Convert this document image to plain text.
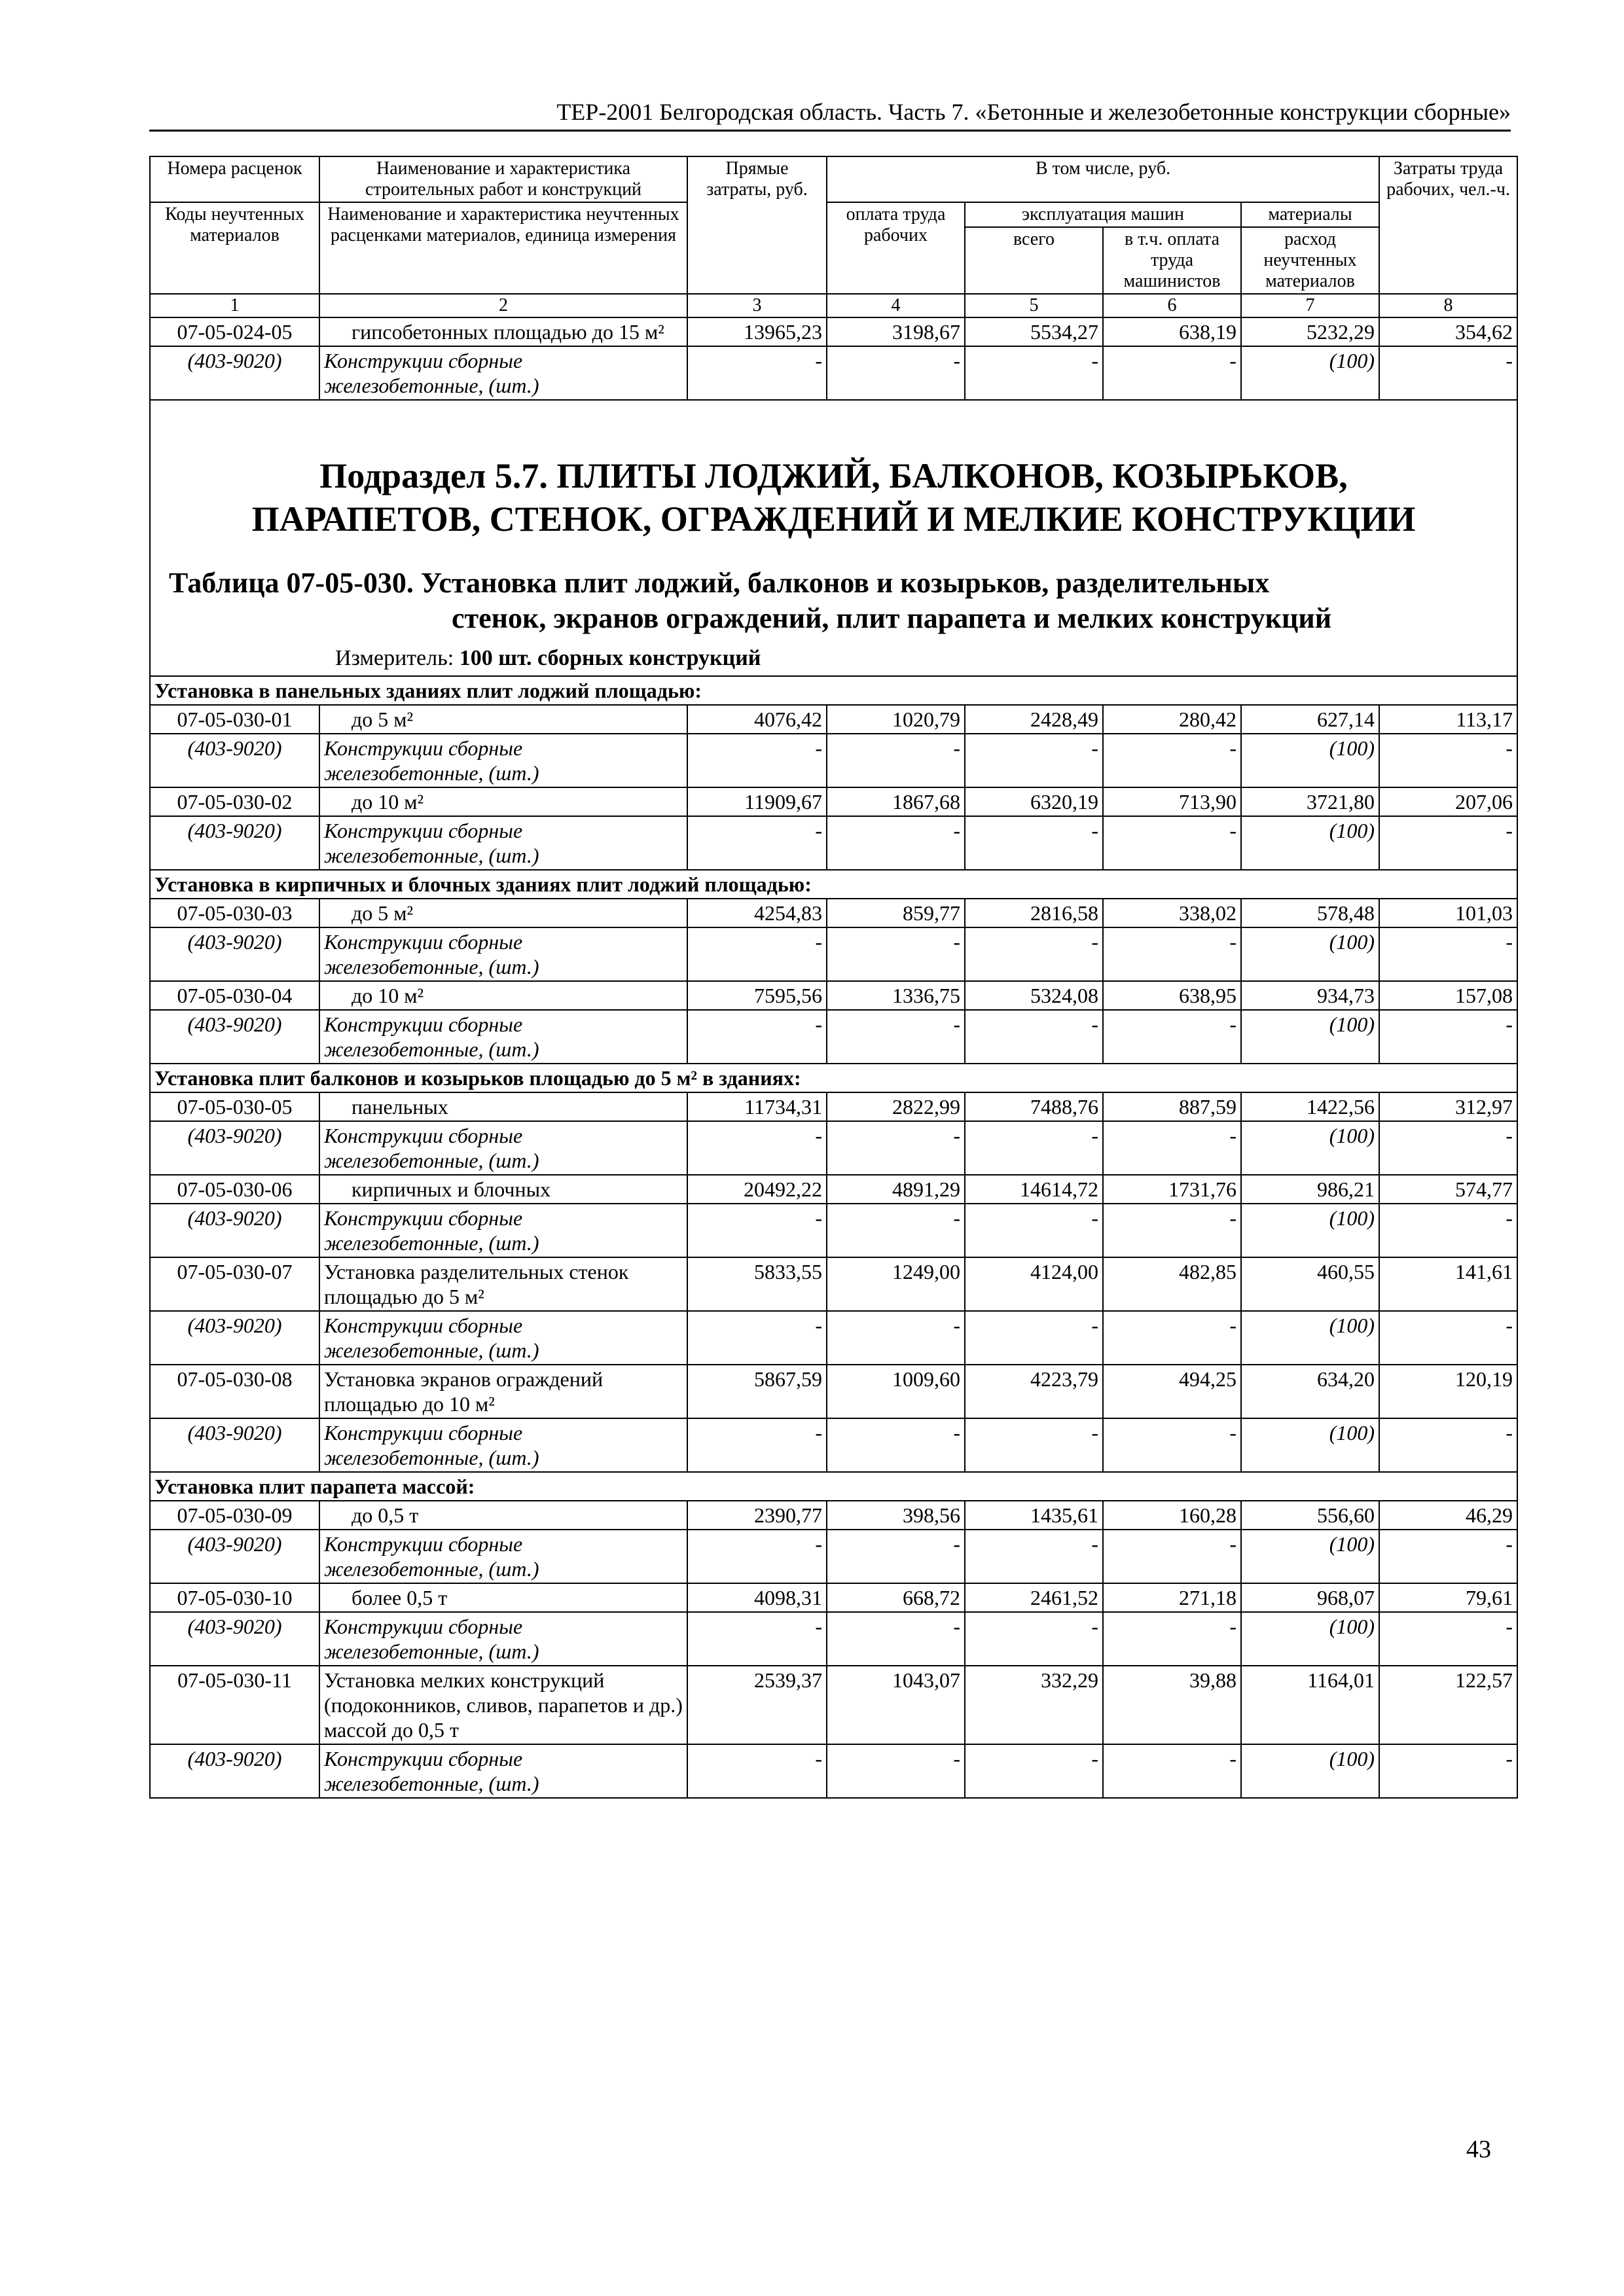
ТЕР-2001 Белгородская область. Часть 7. «Бетонные и железобетонные конструкции сборные»
Номера расценок	Наименование и характеристика строительных работ и конструкций	Прямые затраты, руб.	В том числе, руб.				Затраты труда рабочих, чел.-ч.
Коды неучтенных материалов	Наименование и характеристика неучтенных расценками материалов, единица измерения		оплата труда рабочих	эксплуатация машин		материалы	
				всего	в т.ч. оплата труда машинистов	расход неучтенных материалов	
1	2	3	4	5	6	7	8
07-05-024-05	гипсобетонных площадью до 15 м²	13965,23	3198,67	5534,27	638,19	5232,29	354,62
(403-9020)	Конструкции сборные железобетонные, (шт.)	-	-	-	-	(100)	-

Подраздел 5.7. ПЛИТЫ ЛОДЖИЙ, БАЛКОНОВ, КОЗЫРЬКОВ,
ПАРАПЕТОВ, СТЕНОК, ОГРАЖДЕНИЙ И МЕЛКИЕ КОНСТРУКЦИИ
Таблица 07-05-030. Установка плит лоджий, балконов и козырьков, разделительных
стенок, экранов ограждений, плит парапета и мелких конструкций
Измеритель: 100 шт. сборных конструкций							

Установка в панельных зданиях плит лоджий площадью:							
07-05-030-01	до 5 м²	4076,42	1020,79	2428,49	280,42	627,14	113,17
(403-9020)	Конструкции сборные железобетонные, (шт.)	-	-	-	-	(100)	-
07-05-030-02	до 10 м²	11909,67	1867,68	6320,19	713,90	3721,80	207,06
(403-9020)	Конструкции сборные железобетонные, (шт.)	-	-	-	-	(100)	-
Установка в кирпичных и блочных зданиях плит лоджий площадью:							
07-05-030-03	до 5 м²	4254,83	859,77	2816,58	338,02	578,48	101,03
(403-9020)	Конструкции сборные железобетонные, (шт.)	-	-	-	-	(100)	-
07-05-030-04	до 10 м²	7595,56	1336,75	5324,08	638,95	934,73	157,08
(403-9020)	Конструкции сборные железобетонные, (шт.)	-	-	-	-	(100)	-
Установка плит балконов и козырьков площадью до 5 м² в зданиях:							
07-05-030-05	панельных	11734,31	2822,99	7488,76	887,59	1422,56	312,97
(403-9020)	Конструкции сборные железобетонные, (шт.)	-	-	-	-	(100)	-
07-05-030-06	кирпичных и блочных	20492,22	4891,29	14614,72	1731,76	986,21	574,77
(403-9020)	Конструкции сборные железобетонные, (шт.)	-	-	-	-	(100)	-
07-05-030-07	Установка разделительных стенок площадью до 5 м²	5833,55	1249,00	4124,00	482,85	460,55	141,61
(403-9020)	Конструкции сборные железобетонные, (шт.)	-	-	-	-	(100)	-
07-05-030-08	Установка экранов ограждений площадью до 10 м²	5867,59	1009,60	4223,79	494,25	634,20	120,19
(403-9020)	Конструкции сборные железобетонные, (шт.)	-	-	-	-	(100)	-
Установка плит парапета массой:							
07-05-030-09	до 0,5 т	2390,77	398,56	1435,61	160,28	556,60	46,29
(403-9020)	Конструкции сборные железобетонные, (шт.)	-	-	-	-	(100)	-
07-05-030-10	более 0,5 т	4098,31	668,72	2461,52	271,18	968,07	79,61
(403-9020)	Конструкции сборные железобетонные, (шт.)	-	-	-	-	(100)	-
07-05-030-11	Установка мелких конструкций (подоконников, сливов, парапетов и др.) массой до 0,5 т	2539,37	1043,07	332,29	39,88	1164,01	122,57
(403-9020)	Конструкции сборные железобетонные, (шт.)	-	-	-	-	(100)	-
43
